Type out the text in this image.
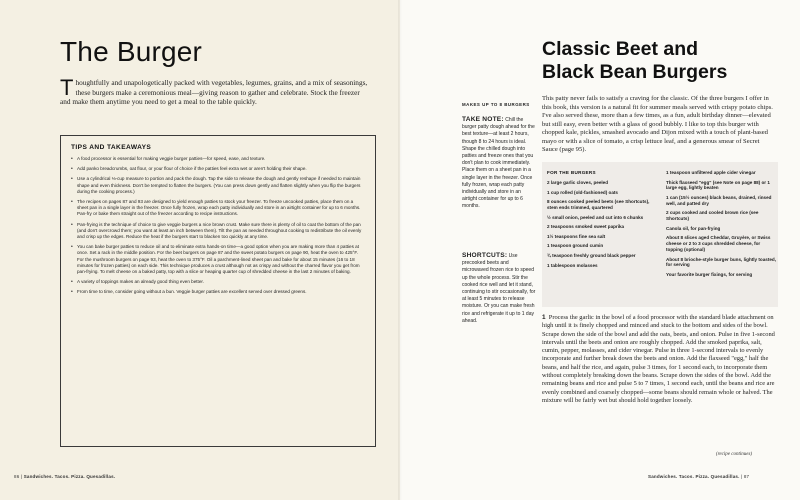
The Burger

Thoughtfully and unapologetically packed with vegetables, legumes, grains, and a mix of seasonings, these burgers make a ceremonious meal—giving reason to gather and celebrate. Stock the freezer and make them anytime you need to get a meal to the table quickly.

TIPS AND TAKEAWAYS
• A food processor is essential for making veggie burger patties—for speed, ease, and texture.
• Add panko breadcrumbs, oat flour, or your flour of choice if the patties feel extra wet or aren't holding their shape.
• Use a cylindrical ⅓-cup measure to portion and pack the dough. Tap the side to release the dough and gently reshape if needed to maintain shape and even thickness. Don't be tempted to flatten the burgers. (You can press down gently and flatten slightly when you flip the burgers during the cooking process.)
• The recipes on pages 87 and 93 are designed to yield enough patties to stock your freezer. To freeze uncooked patties, place them on a sheet pan in a single layer in the freezer. Once fully frozen, wrap each patty individually and store in an airtight container for up to 6 months. Pan-fry or bake them straight out of the freezer according to recipe instructions.
• Pan-frying is the technique of choice to give veggie burgers a nice brown crust. Make sure there is plenty of oil to coat the bottom of the pan (and don't overcrowd them; you want at least an inch between them). Tilt the pan as needed throughout cooking to redistribute the oil evenly and crisp up the edges. Reduce the heat if the burgers start to blacken too quickly at any time.
• You can bake burger patties to reduce oil and to eliminate extra hands-on time—a good option when you are making more than 4 patties at once. Set a rack in the middle position. For the beet burgers on page 87 and the sweet potato burgers on page 90, heat the oven to 425°F. For the mushroom burgers on page 93, heat the oven to 375°F. Oil a parchment-lined sheet pan and bake for about 15 minutes (16 to 18 minutes for frozen patties) on each side. This technique produces a crust although not as crispy and without the charred flavor you get from pan-frying. To melt cheese on a baked patty, top with a slice or heaping quarter cup of shredded cheese in the last 2 minutes of baking.
• A variety of toppings makes an already good thing even better.
• From time to time, consider going without a bun. Veggie burger patties are excellent served over dressed greens.
86 | Sandwiches. Tacos. Pizza. Quesadillas.
MAKES UP TO 8 BURGERS
TAKE NOTE: Chill the burger patty dough ahead for the best texture—at least 2 hours, though 8 to 24 hours is ideal. Shape the chilled dough into patties and freeze ones that you don't plan to cook immediately. Place them on a sheet pan in a single layer in the freezer. Once fully frozen, wrap each patty individually and store in an airtight container for up to 6 months.
SHORTCUTS: Use precooked beets and microwaved frozen rice to speed up the whole process. Stir the cooked rice well and let it stand, continuing to stir occasionally, for at least 5 minutes to release moisture. Or you can make fresh rice and refrigerate it up to 1 day ahead.
Classic Beet and
Black Bean Burgers

This patty never fails to satisfy a craving for the classic. Of the three burgers I offer in this book, this version is a natural fit for summer meals served with crispy potato chips. I've also served these, more than a few times, as a fun, adult birthday dinner—elevated but still easy, even better with a glass of good bubbly. I like to top this burger with chopped kale, pickles, smashed avocado and Dijon mixed with a touch of plant-based mayo or with a slice of tomato, a crisp lettuce leaf, and a generous smear of Secret Sauce (page 95).

FOR THE BURGERS
2 large garlic cloves, peeled
1 cup rolled (old-fashioned) oats
8 ounces cooked peeled beets (see Shortcuts), stem ends trimmed, quartered
½ small onion, peeled and cut into 6 chunks
2 teaspoons smoked sweet paprika
1½ teaspoons fine sea salt
1 teaspoon ground cumin
¾ teaspoon freshly ground black pepper
1 tablespoon molasses
1 teaspoon unfiltered apple cider vinegar
Thick flaxseed "egg" (see Note on page 88) or 1 large egg, lightly beaten
1 can (15½ ounces) black beans, drained, rinsed well, and patted dry
2 cups cooked and cooled brown rice (see Shortcuts)
Canola oil, for pan-frying
About 8 slices aged Cheddar, Gruyère, or Swiss cheese or 2 to 3 cups shredded cheese, for topping (optional)
About 8 brioche-style burger buns, lightly toasted, for serving
Your favorite burger fixings, for serving

1 Process the garlic in the bowl of a food processor with the standard blade attachment on high until it is finely chopped and minced and stuck to the bottom and sides of the bowl. Scrape down the side of the bowl and add the oats, beets, and onion. Pulse in five 1-second intervals until the beets and onion are roughly chopped. Add the smoked paprika, salt, cumin, pepper, molasses, and cider vinegar. Pulse in three 1-second intervals to evenly incorporate and further break down the beets and onion. Add the flaxseed "egg," half the beans, and half the rice, and again, pulse 3 times, for 1 second each, to incorporate them without completely breaking down the beans. Scrape down the sides of the bowl. Add the remaining beans and rice and pulse 5 to 7 times, 1 second each, until the beans and rice are evenly combined and coarsely chopped—some beans should remain whole or halved. The mixture will be fairly wet but should hold together loosely.

(recipe continues)
Sandwiches. Tacos. Pizza. Quesadillas. | 87
